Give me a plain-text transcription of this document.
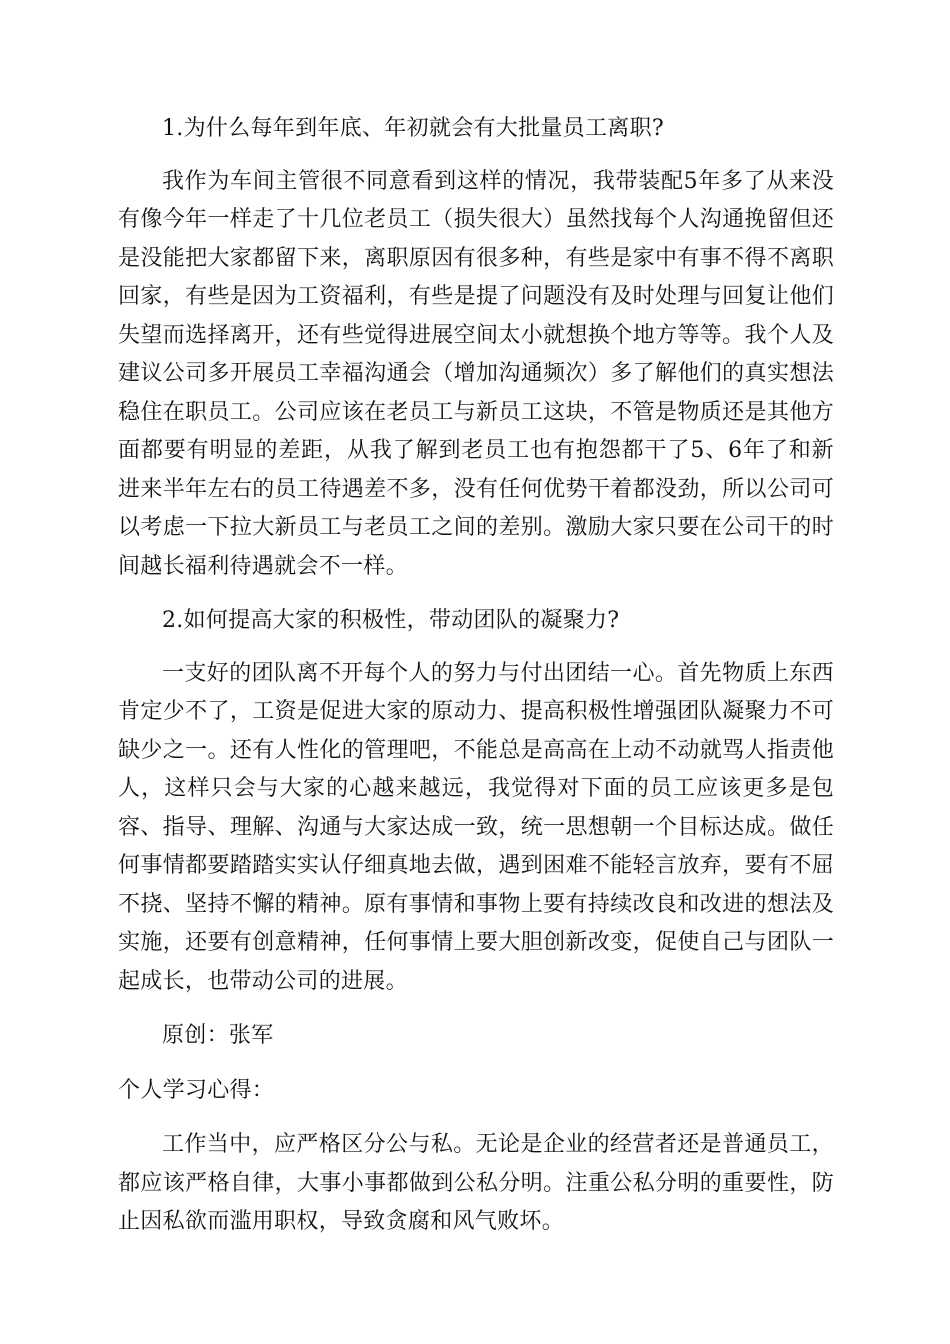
1.为什么每年到年底、年初就会有大批量员工离职?

我作为车间主管很不同意看到这样的情况，我带装配5年多了从来没有像今年一样走了十几位老员工（损失很大）虽然找每个人沟通挽留但还是没能把大家都留下来，离职原因有很多种，有些是家中有事不得不离职回家，有些是因为工资福利，有些是提了问题没有及时处理与回复让他们失望而选择离开，还有些觉得进展空间太小就想换个地方等等。我个人及建议公司多开展员工幸福沟通会（增加沟通频次）多了解他们的真实想法稳住在职员工。公司应该在老员工与新员工这块，不管是物质还是其他方面都要有明显的差距，从我了解到老员工也有抱怨都干了5、6年了和新进来半年左右的员工待遇差不多，没有任何优势干着都没劲，所以公司可以考虑一下拉大新员工与老员工之间的差别。激励大家只要在公司干的时间越长福利待遇就会不一样。

2.如何提高大家的积极性，带动团队的凝聚力?

一支好的团队离不开每个人的努力与付出团结一心。首先物质上东西肯定少不了，工资是促进大家的原动力、提高积极性增强团队凝聚力不可缺少之一。还有人性化的管理吧，不能总是高高在上动不动就骂人指责他人，这样只会与大家的心越来越远，我觉得对下面的员工应该更多是包容、指导、理解、沟通与大家达成一致，统一思想朝一个目标达成。做任何事情都要踏踏实实认仔细真地去做，遇到困难不能轻言放弃，要有不屈不挠、坚持不懈的精神。原有事情和事物上要有持续改良和改进的想法及实施，还要有创意精神，任何事情上要大胆创新改变，促使自己与团队一起成长，也带动公司的进展。

原创：张军

个人学习心得：

工作当中，应严格区分公与私。无论是企业的经营者还是普通员工，都应该严格自律，大事小事都做到公私分明。注重公私分明的重要性，防止因私欲而滥用职权，导致贪腐和风气败坏。
